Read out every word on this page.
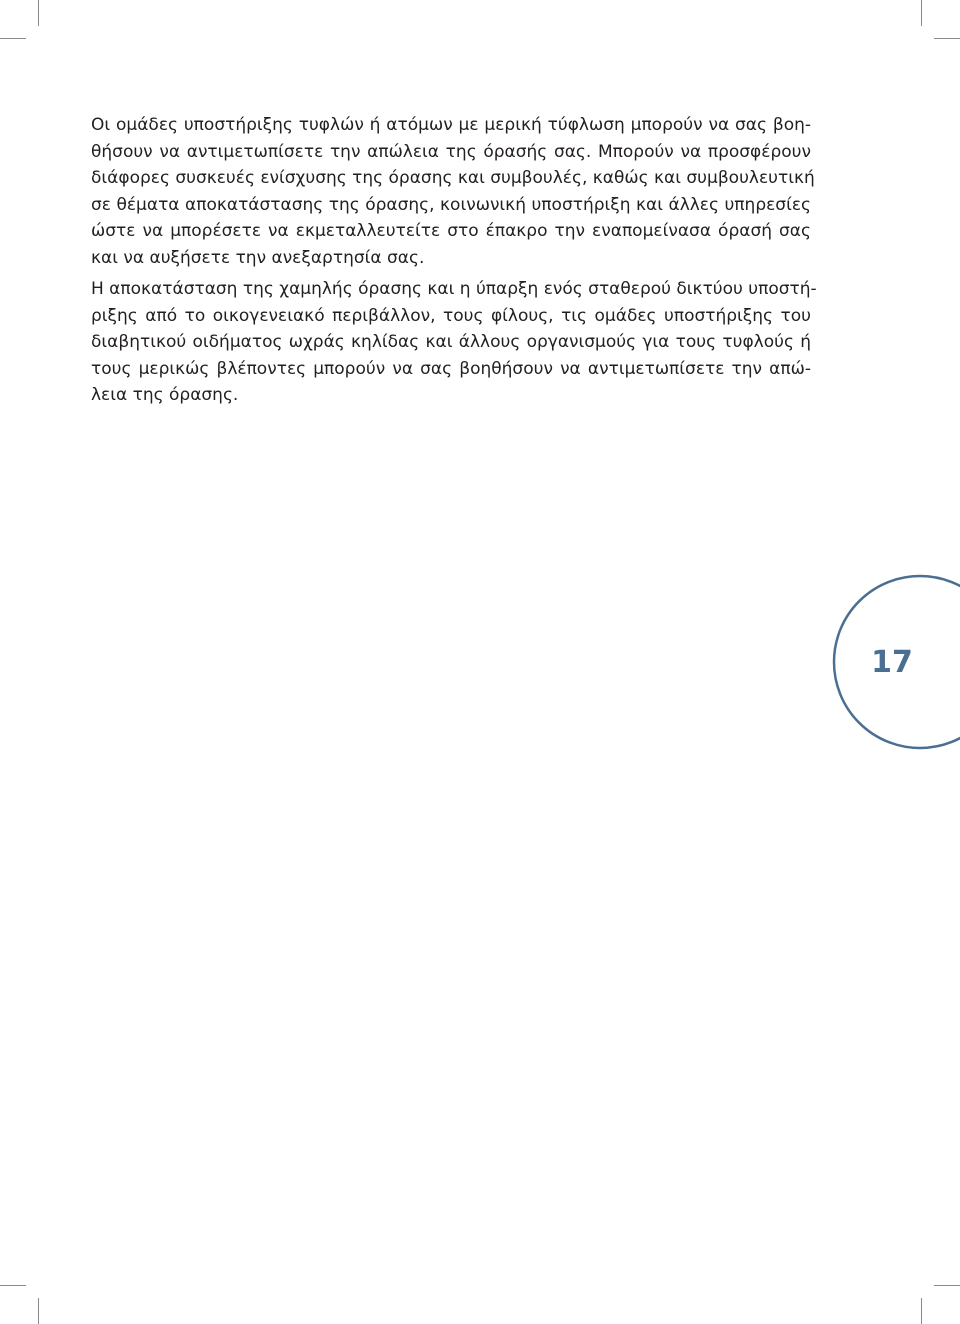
Οι ομάδες υποστήριξης τυφλών ή ατόμων με μερική τύφλωση μπορούν να σας βοη-
θήσουν να αντιμετωπίσετε την απώλεια της όρασής σας. Μπορούν να προσφέρουν
διάφορες συσκευές ενίσχυσης της όρασης και συμβουλές, καθώς και συμβουλευτική
σε θέματα αποκατάστασης της όρασης, κοινωνική υποστήριξη και άλλες υπηρεσίες
ώστε να μπορέσετε να εκμεταλλευτείτε στο έπακρο την εναπομείνασα όρασή σας
και να αυξήσετε την ανεξαρτησία σας.
Η αποκατάσταση της χαμηλής όρασης και η ύπαρξη ενός σταθερού δικτύου υποστή-
ριξης από το οικογενειακό περιβάλλον, τους φίλους, τις ομάδες υποστήριξης του
διαβητικού οιδήματος ωχράς κηλίδας και άλλους οργανισμούς για τους τυφλούς ή
τους μερικώς βλέποντες μπορούν να σας βοηθήσουν να αντιμετωπίσετε την απώ-
λεια της όρασης.
17
